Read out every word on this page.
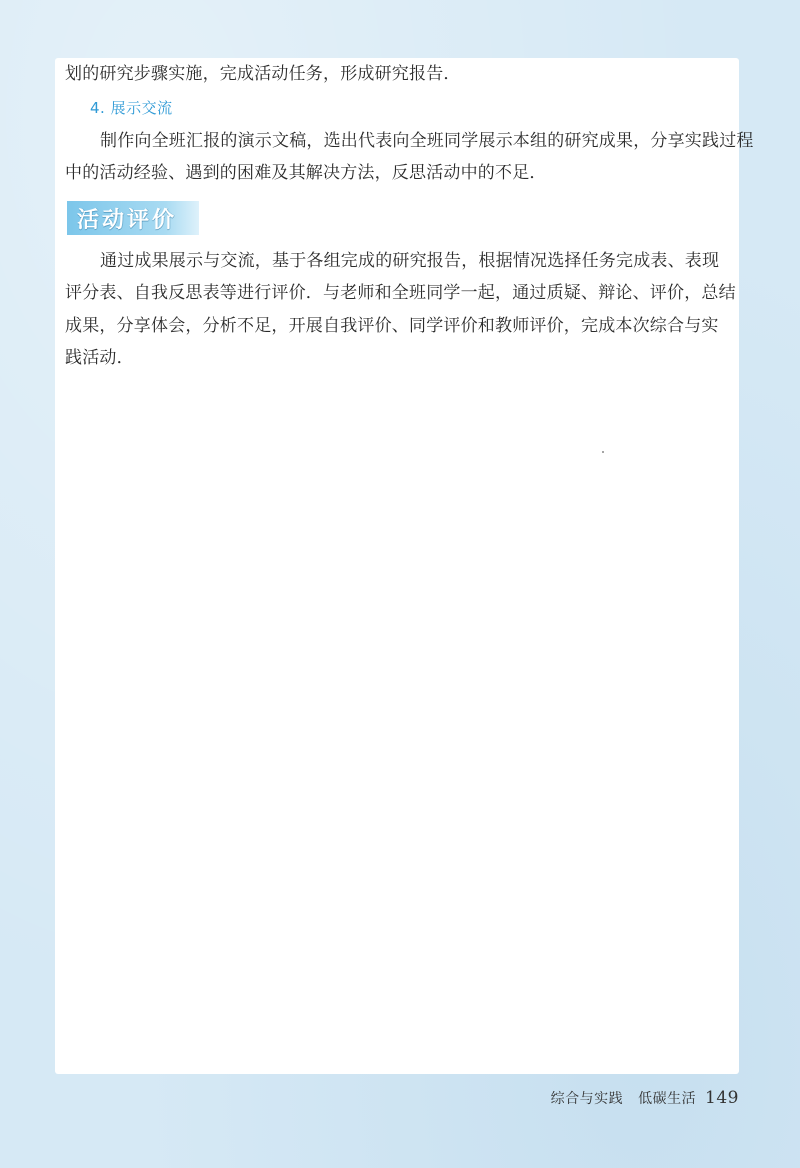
划的研究步骤实施，完成活动任务，形成研究报告．
4. 展示交流
制作向全班汇报的演示文稿，选出代表向全班同学展示本组的研究成果，分享实践过程
中的活动经验、遇到的困难及其解决方法，反思活动中的不足．
活动评价
通过成果展示与交流，基于各组完成的研究报告，根据情况选择任务完成表、表现
评分表、自我反思表等进行评价．与老师和全班同学一起，通过质疑、辩论、评价，总结
成果，分享体会，分析不足，开展自我评价、同学评价和教师评价，完成本次综合与实
践活动．
综合与实践 低碳生活 149
